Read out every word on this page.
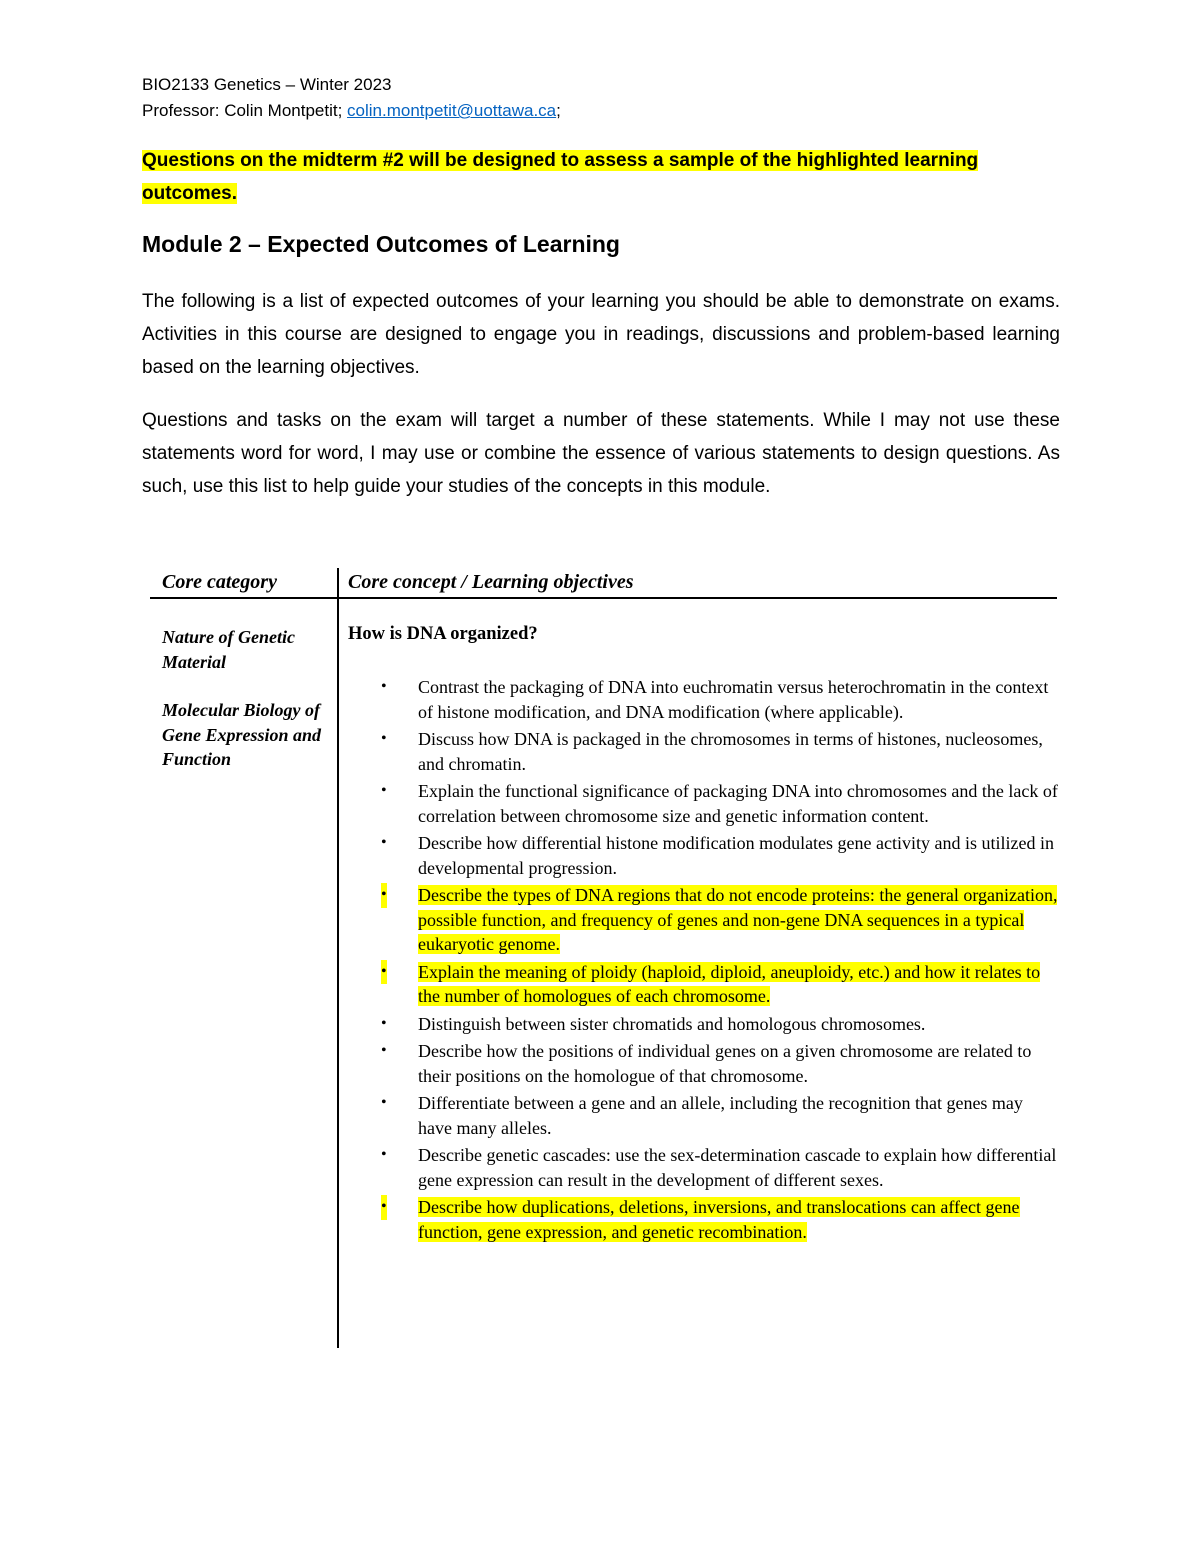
BIO2133 Genetics – Winter 2023
Professor: Colin Montpetit; colin.montpetit@uottawa.ca;
Questions on the midterm #2 will be designed to assess a sample of the highlighted learning outcomes.
Module 2 – Expected Outcomes of Learning

The following is a list of expected outcomes of your learning you should be able to demonstrate on exams. Activities in this course are designed to engage you in readings, discussions and problem-based learning based on the learning objectives.

Questions and tasks on the exam will target a number of these statements. While I may not use these statements word for word, I may use or combine the essence of various statements to design questions. As such, use this list to help guide your studies of the concepts in this module.

Core category	Core concept / Learning objectives
Nature of Genetic Material
Molecular Biology of Gene Expression and Function
How is DNA organized?
• Contrast the packaging of DNA into euchromatin versus heterochromatin in the context of histone modification, and DNA modification (where applicable).
• Discuss how DNA is packaged in the chromosomes in terms of histones, nucleosomes, and chromatin.
• Explain the functional significance of packaging DNA into chromosomes and the lack of correlation between chromosome size and genetic information content.
• Describe how differential histone modification modulates gene activity and is utilized in developmental progression.
• Describe the types of DNA regions that do not encode proteins: the general organization, possible function, and frequency of genes and non-gene DNA sequences in a typical eukaryotic genome.
• Explain the meaning of ploidy (haploid, diploid, aneuploidy, etc.) and how it relates to the number of homologues of each chromosome.
• Distinguish between sister chromatids and homologous chromosomes.
• Describe how the positions of individual genes on a given chromosome are related to their positions on the homologue of that chromosome.
• Differentiate between a gene and an allele, including the recognition that genes may have many alleles.
• Describe genetic cascades: use the sex-determination cascade to explain how differential gene expression can result in the development of different sexes.
• Describe how duplications, deletions, inversions, and translocations can affect gene function, gene expression, and genetic recombination.
